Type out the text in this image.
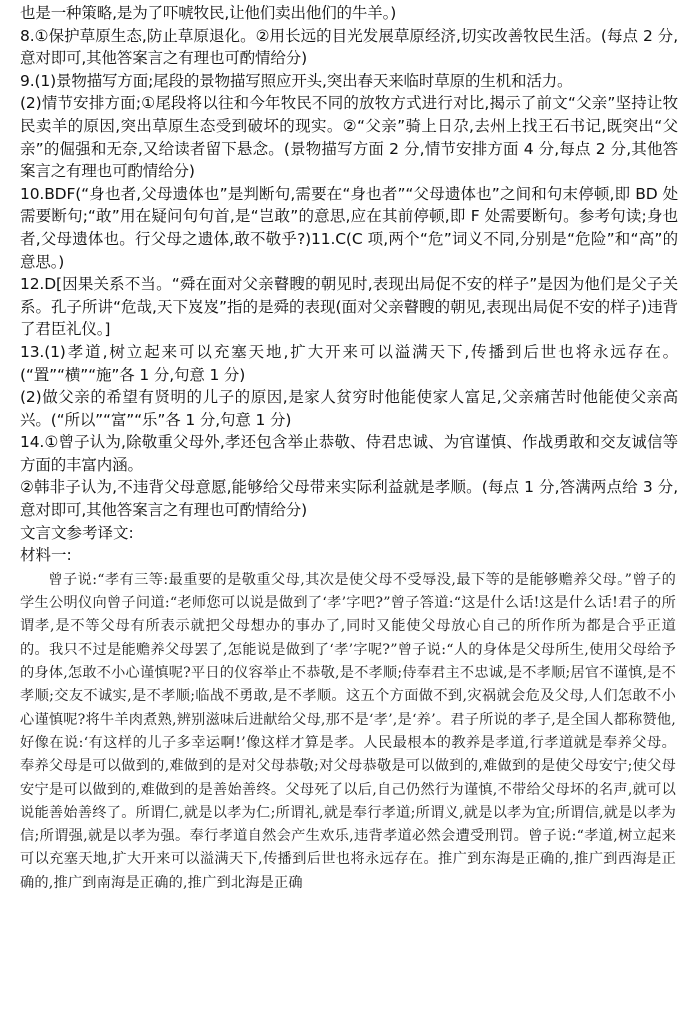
也是一种策略,是为了吓唬牧民,让他们卖出他们的牛羊。)

8.①保护草原生态,防止草原退化。②用长远的目光发展草原经济,切实改善牧民生活。(每点 2 分,意对即可,其他答案言之有理也可酌情给分)

9.(1)景物描写方面;尾段的景物描写照应开头,突出春天来临时草原的生机和活力。

(2)情节安排方面;①尾段将以往和今年牧民不同的放牧方式进行对比,揭示了前文“父亲”坚持让牧民卖羊的原因,突出草原生态受到破坏的现实。②“父亲”骑上日尕,去州上找王石书记,既突出“父亲”的倔强和无奈,又给读者留下悬念。(景物描写方面 2 分,情节安排方面 4 分,每点 2 分,其他答案言之有理也可酌情给分)

10.BDF(“身也者,父母遗体也”是判断句,需要在“身也者”“父母遗体也”之间和句末停顿,即 BD 处需要断句;“敢”用在疑问句句首,是“岂敢”的意思,应在其前停顿,即 F 处需要断句。参考句读;身也者,父母遗体也。行父母之遗体,敢不敬乎?)11.C(C 项,两个“危”词义不同,分别是“危险”和“高”的意思。)

12.D[因果关系不当。“舜在面对父亲瞽瞍的朝见时,表现出局促不安的样子”是因为他们是父子关系。孔子所讲“危哉,天下岌岌”指的是舜的表现(面对父亲瞽瞍的朝见,表现出局促不安的样子)违背了君臣礼仪。]

13.(1)孝道,树立起来可以充塞天地,扩大开来可以溢满天下,传播到后世也将永远存在。(“置”“横”“施”各 1 分,句意 1 分)

(2)做父亲的希望有贤明的儿子的原因,是家人贫穷时他能使家人富足,父亲痛苦时他能使父亲高兴。(“所以”“富”“乐”各 1 分,句意 1 分)

14.①曾子认为,除敬重父母外,孝还包含举止恭敬、侍君忠诚、为官谨慎、作战勇敢和交友诚信等方面的丰富内涵。

②韩非子认为,不违背父母意愿,能够给父母带来实际利益就是孝顺。(每点 1 分,答满两点给 3 分,意对即可,其他答案言之有理也可酌情给分)

文言文参考译文:

材料一:

曾子说:“孝有三等:最重要的是敬重父母,其次是使父母不受辱没,最下等的是能够赡养父母。”曾子的学生公明仪向曾子问道:“老师您可以说是做到了‘孝’字吧?”曾子答道:“这是什么话!这是什么话!君子的所谓孝,是不等父母有所表示就把父母想办的事办了,同时又能使父母放心自己的所作所为都是合乎正道的。我只不过是能赡养父母罢了,怎能说是做到了‘孝’字呢?”曾子说:“人的身体是父母所生,使用父母给予的身体,怎敢不小心谨慎呢?平日的仪容举止不恭敬,是不孝顺;侍奉君主不忠诚,是不孝顺;居官不谨慎,是不孝顺;交友不诚实,是不孝顺;临战不勇敢,是不孝顺。这五个方面做不到,灾祸就会危及父母,人们怎敢不小心谨慎呢?将牛羊肉煮熟,辨别滋味后进献给父母,那不是‘孝’,是‘养’。君子所说的孝子,是全国人都称赞他,好像在说:‘有这样的儿子多幸运啊!’像这样才算是孝。人民最根本的教养是孝道,行孝道就是奉养父母。奉养父母是可以做到的,难做到的是对父母恭敬;对父母恭敬是可以做到的,难做到的是使父母安宁;使父母安宁是可以做到的,难做到的是善始善终。父母死了以后,自己仍然行为谨慎,不带给父母坏的名声,就可以说能善始善终了。所谓仁,就是以孝为仁;所谓礼,就是奉行孝道;所谓义,就是以孝为宜;所谓信,就是以孝为信;所谓强,就是以孝为强。奉行孝道自然会产生欢乐,违背孝道必然会遭受刑罚。曾子说:“孝道,树立起来可以充塞天地,扩大开来可以溢满天下,传播到后世也将永远存在。推广到东海是正确的,推广到西海是正确的,推广到南海是正确的,推广到北海是正确
